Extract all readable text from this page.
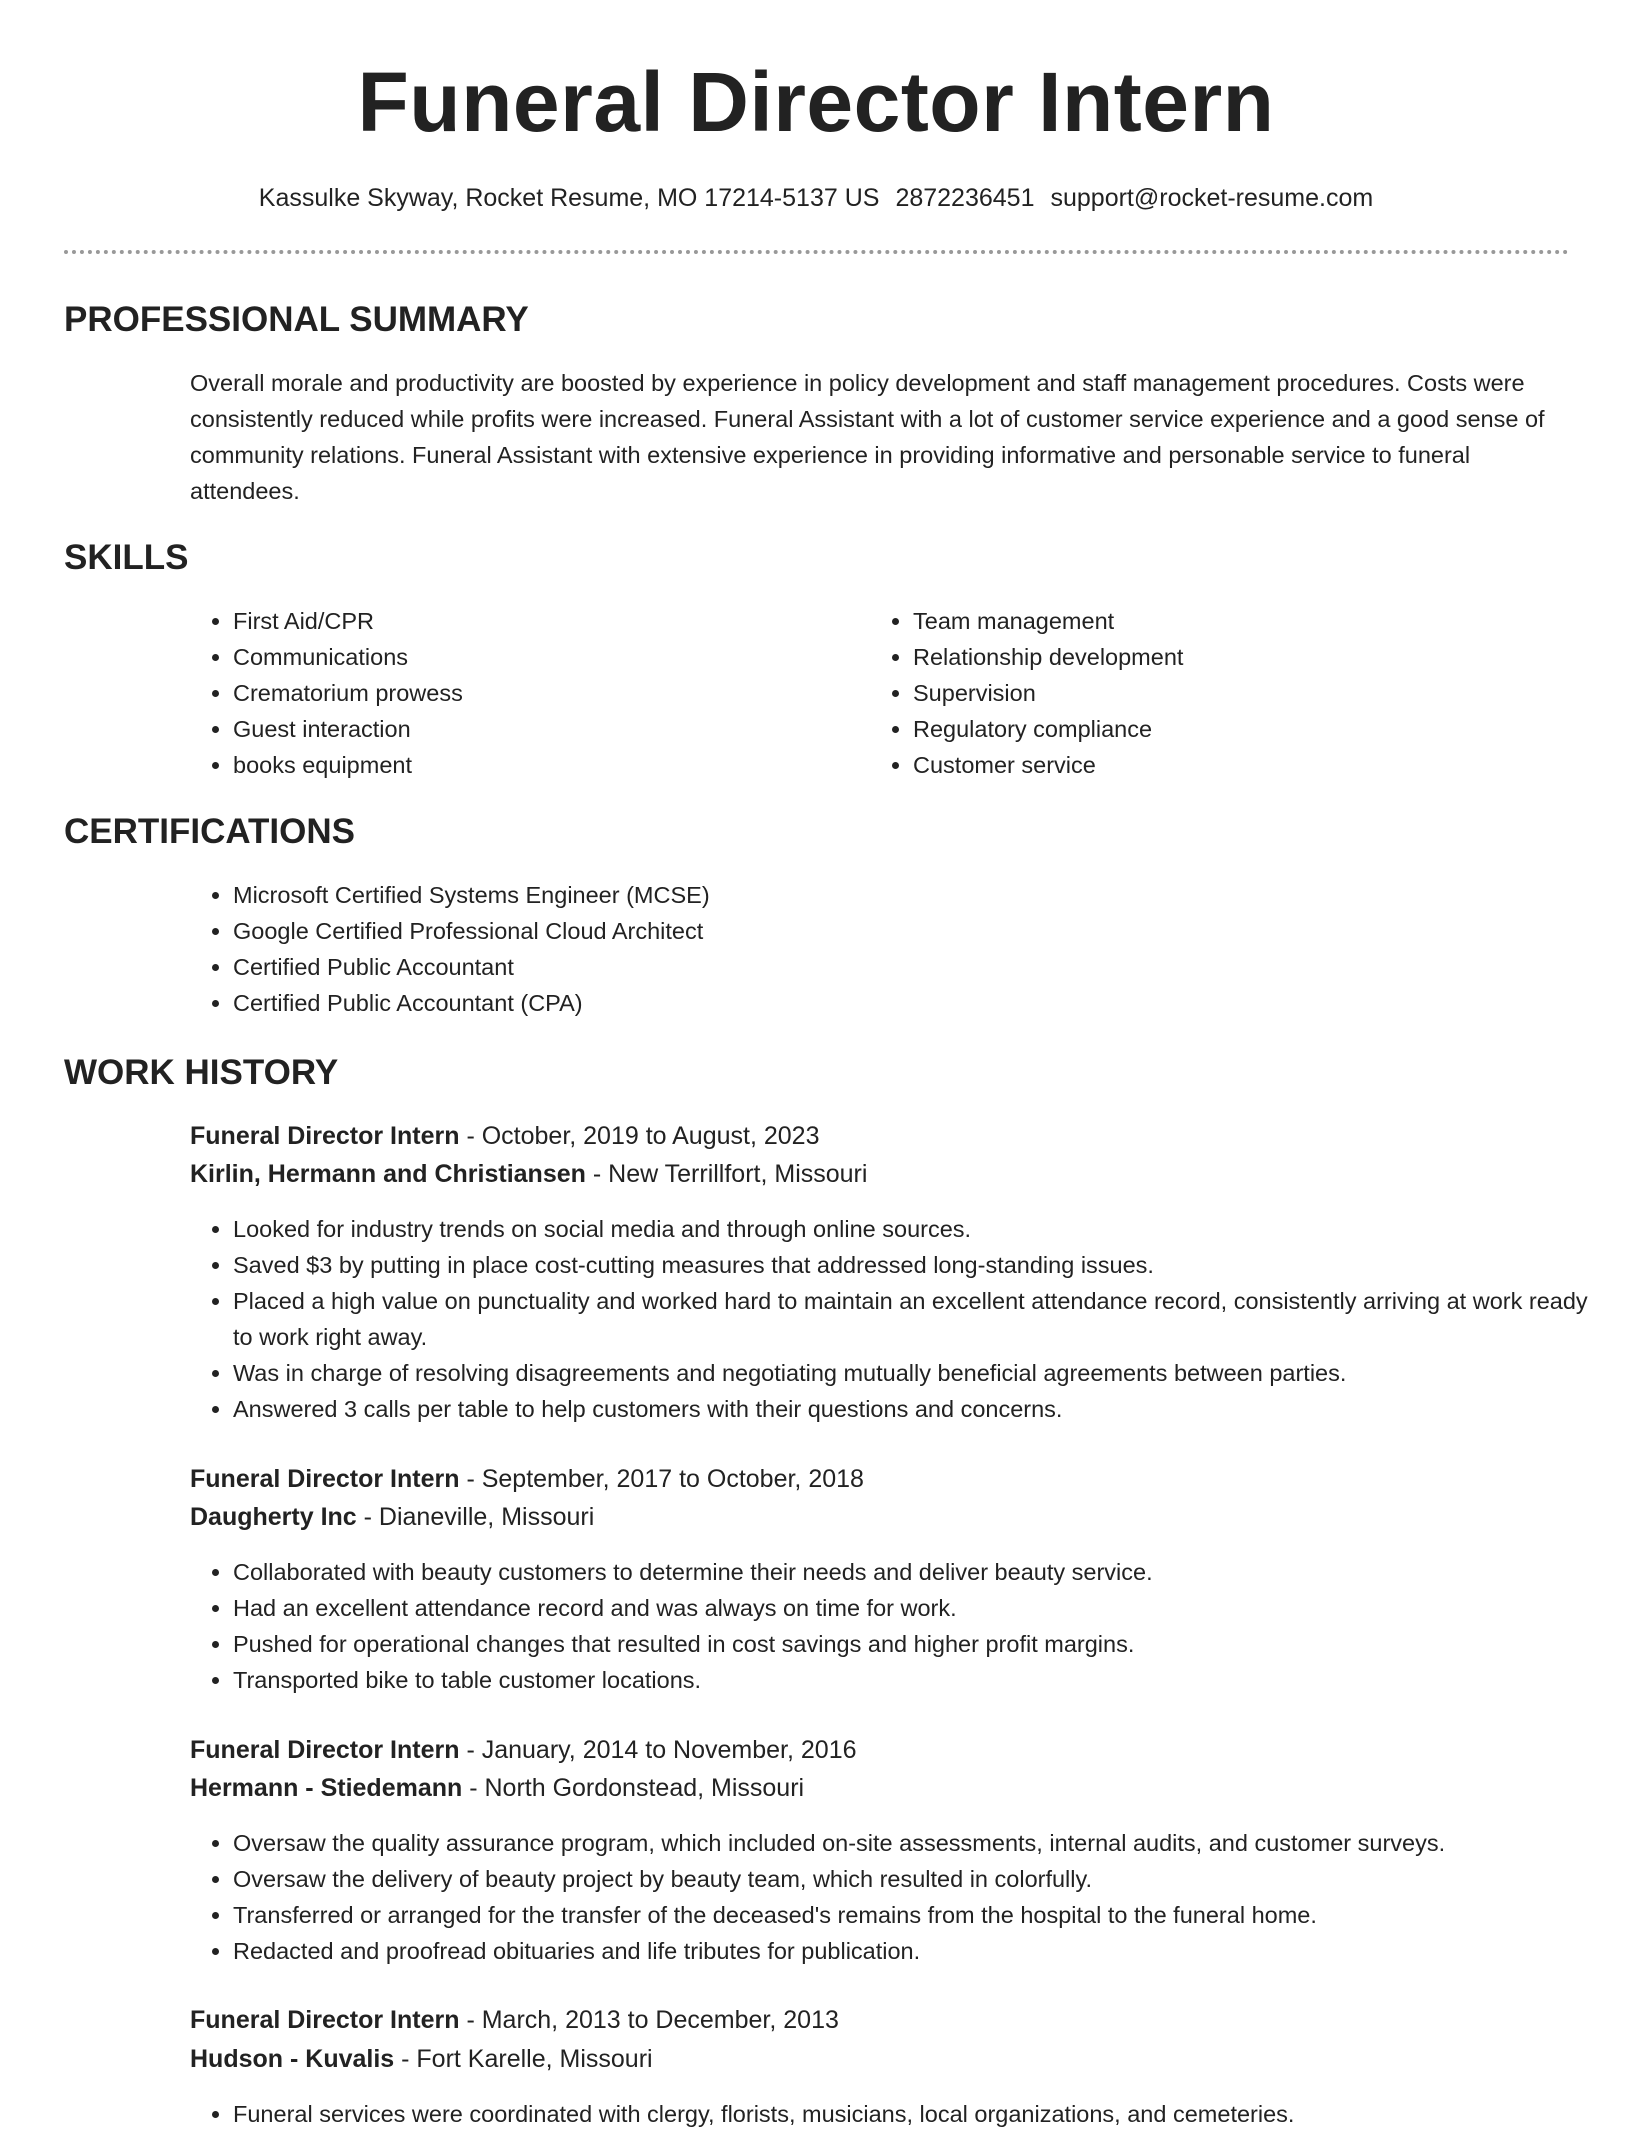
Funeral Director Intern
Kassulke Skyway, Rocket Resume, MO 17214-5137 US 2872236451 support@rocket-resume.com
PROFESSIONAL SUMMARY

Overall morale and productivity are boosted by experience in policy development and staff management procedures. Costs were consistently reduced while profits were increased. Funeral Assistant with a lot of customer service experience and a good sense of community relations. Funeral Assistant with extensive experience in providing informative and personable service to funeral attendees.

SKILLS
• First Aid/CPR
• Communications
• Crematorium prowess
• Guest interaction
• books equipment
• Team management
• Relationship development
• Supervision
• Regulatory compliance
• Customer service
CERTIFICATIONS
• Microsoft Certified Systems Engineer (MCSE)
• Google Certified Professional Cloud Architect
• Certified Public Accountant
• Certified Public Accountant (CPA)
WORK HISTORY
Funeral Director Intern - October, 2019 to August, 2023
Kirlin, Hermann and Christiansen - New Terrillfort, Missouri
• Looked for industry trends on social media and through online sources.
• Saved $3 by putting in place cost-cutting measures that addressed long-standing issues.
• Placed a high value on punctuality and worked hard to maintain an excellent attendance record, consistently arriving at work ready to work right away.
• Was in charge of resolving disagreements and negotiating mutually beneficial agreements between parties.
• Answered 3 calls per table to help customers with their questions and concerns.
Funeral Director Intern - September, 2017 to October, 2018
Daugherty Inc - Dianeville, Missouri
• Collaborated with beauty customers to determine their needs and deliver beauty service.
• Had an excellent attendance record and was always on time for work.
• Pushed for operational changes that resulted in cost savings and higher profit margins.
• Transported bike to table customer locations.
Funeral Director Intern - January, 2014 to November, 2016
Hermann - Stiedemann - North Gordonstead, Missouri
• Oversaw the quality assurance program, which included on-site assessments, internal audits, and customer surveys.
• Oversaw the delivery of beauty project by beauty team, which resulted in colorfully.
• Transferred or arranged for the transfer of the deceased's remains from the hospital to the funeral home.
• Redacted and proofread obituaries and life tributes for publication.
Funeral Director Intern - March, 2013 to December, 2013
Hudson - Kuvalis - Fort Karelle, Missouri
• Funeral services were coordinated with clergy, florists, musicians, local organizations, and cemeteries.
